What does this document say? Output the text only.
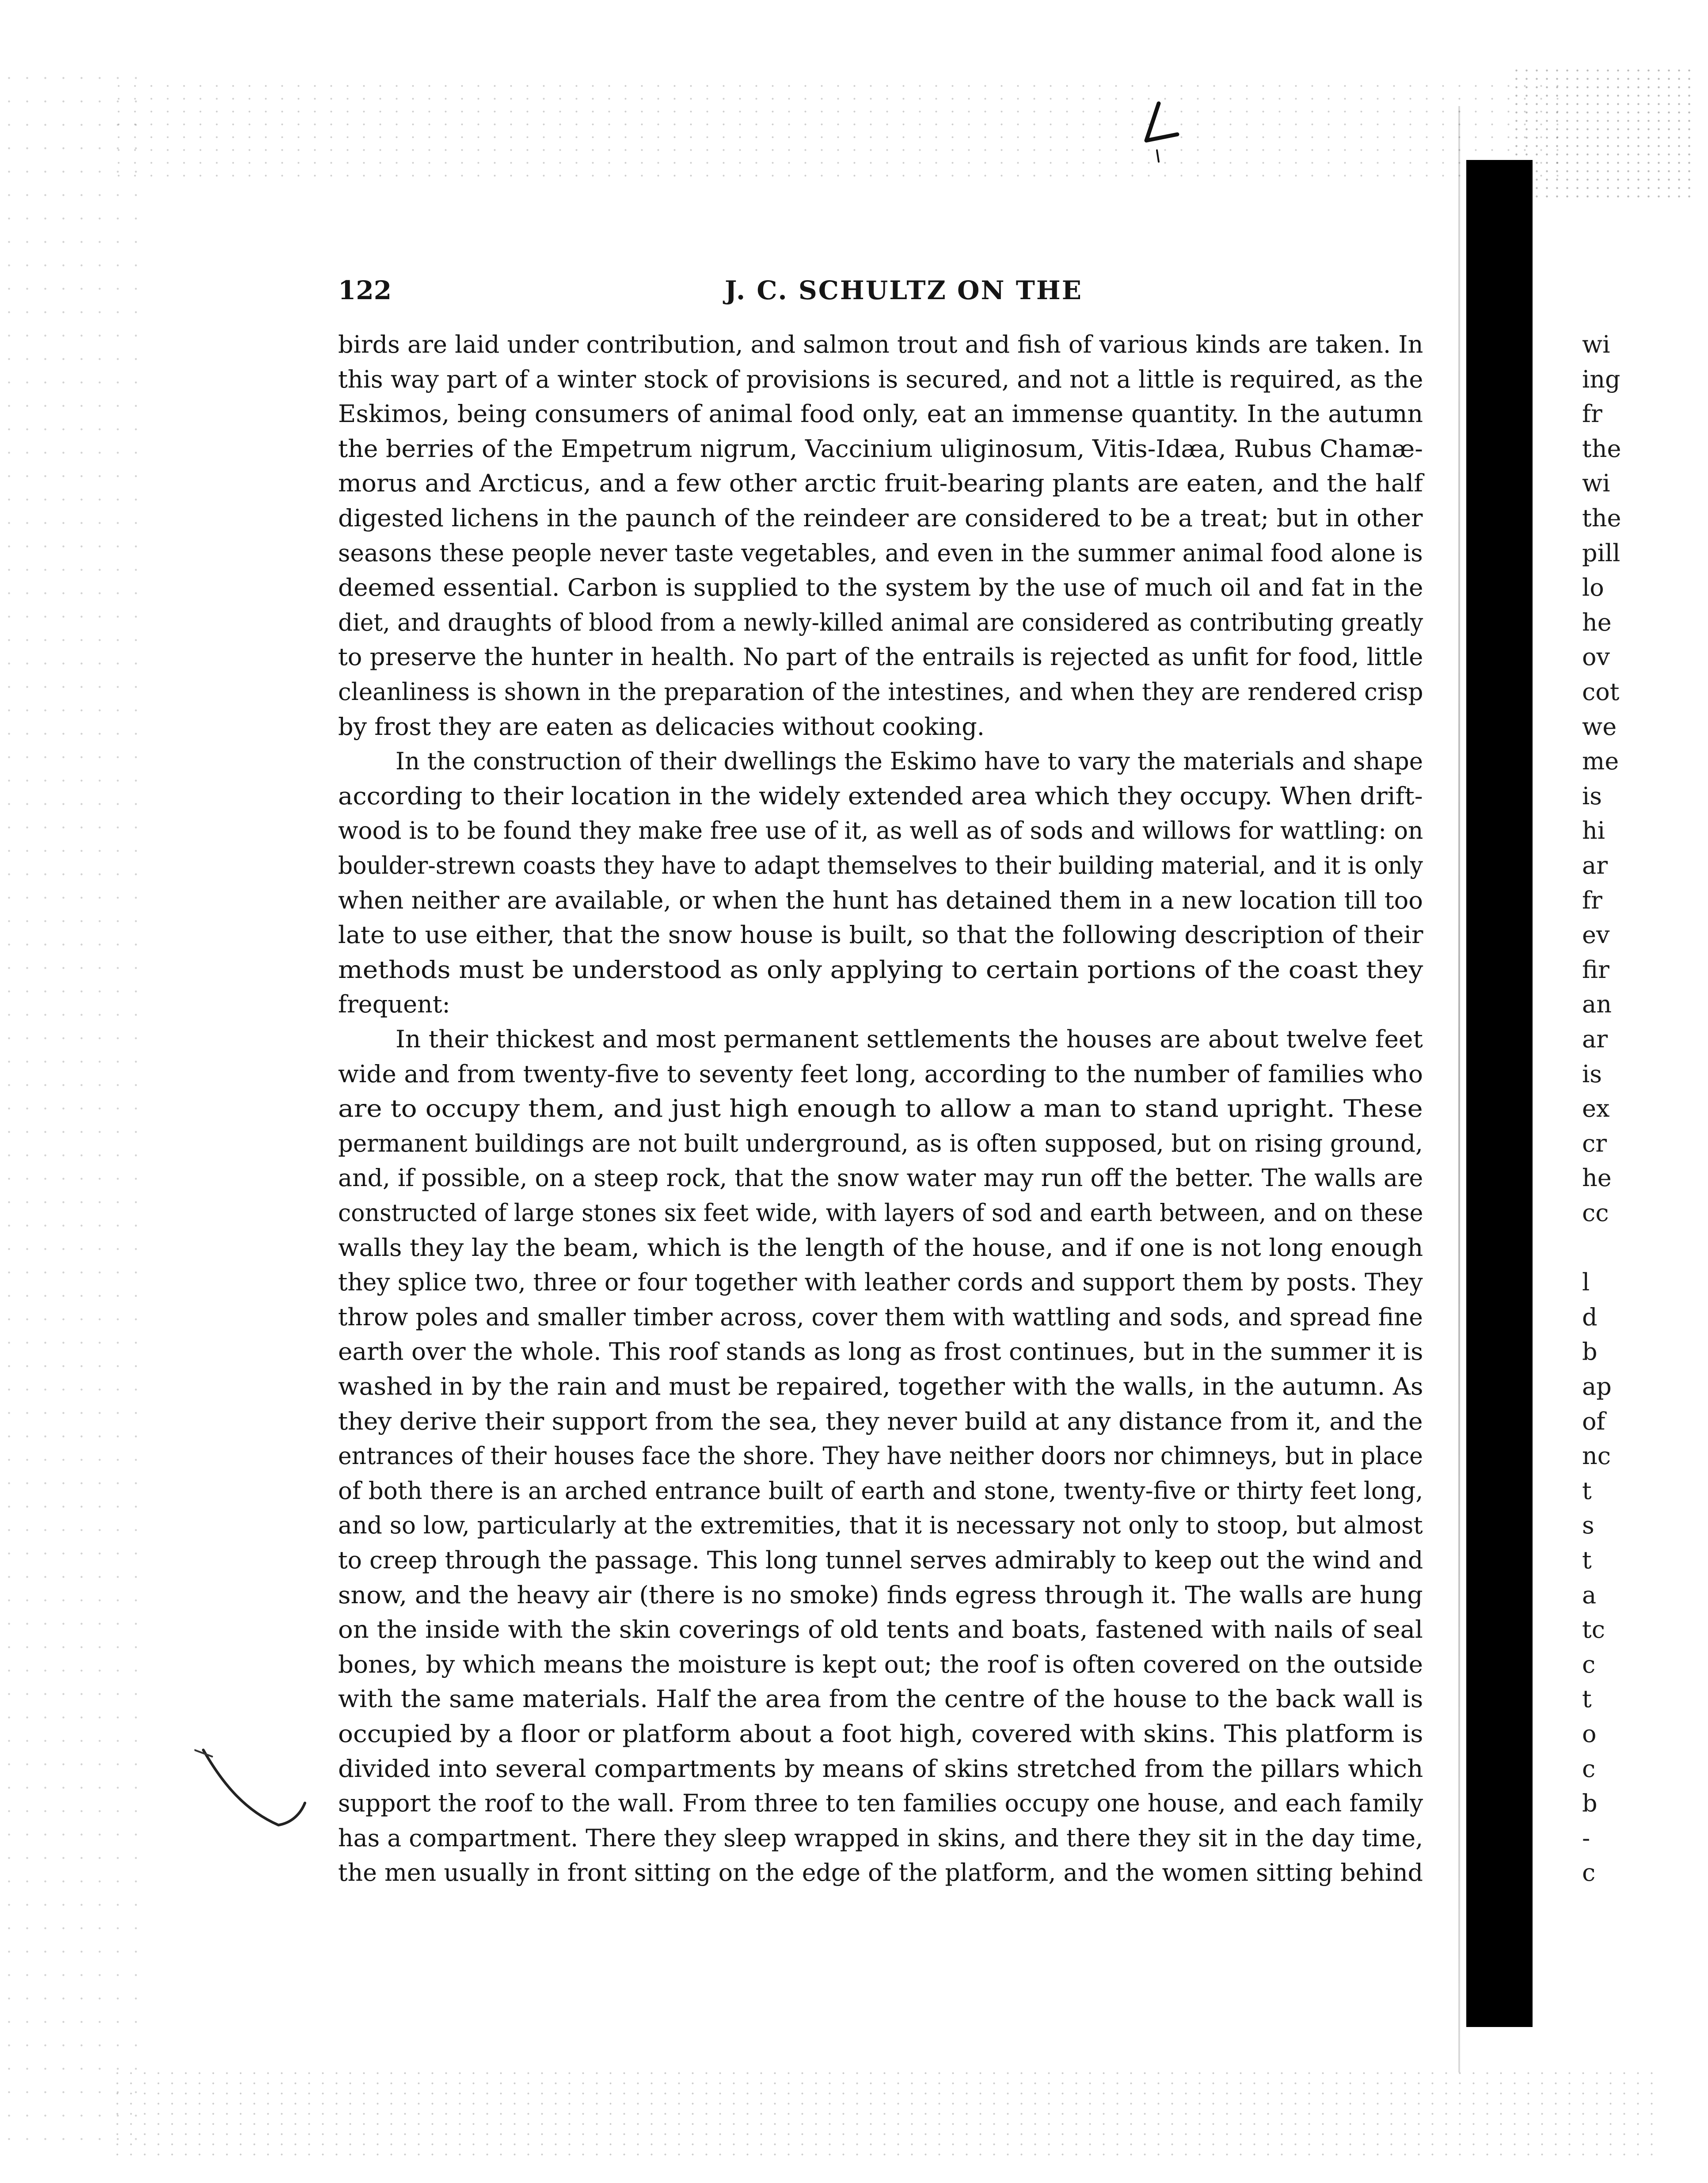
122	J. C. SCHULTZ ON THE
birds are laid under contribution, and salmon trout and fish of various kinds are taken. In
this way part of a winter stock of provisions is secured, and not a little is required, as the
Eskimos, being consumers of animal food only, eat an immense quantity. In the autumn
the berries of the Empetrum nigrum, Vaccinium uliginosum, Vitis-Idæa, Rubus Chamæ-
morus and Arcticus, and a few other arctic fruit-bearing plants are eaten, and the half
digested lichens in the paunch of the reindeer are considered to be a treat; but in other
seasons these people never taste vegetables, and even in the summer animal food alone is
deemed essential. Carbon is supplied to the system by the use of much oil and fat in the
diet, and draughts of blood from a newly-killed animal are considered as contributing greatly
to preserve the hunter in health. No part of the entrails is rejected as unfit for food, little
cleanliness is shown in the preparation of the intestines, and when they are rendered crisp
by frost they are eaten as delicacies without cooking.
In the construction of their dwellings the Eskimo have to vary the materials and shape
according to their location in the widely extended area which they occupy. When drift-
wood is to be found they make free use of it, as well as of sods and willows for wattling: on
boulder-strewn coasts they have to adapt themselves to their building material, and it is only
when neither are available, or when the hunt has detained them in a new location till too
late to use either, that the snow house is built, so that the following description of their
methods must be understood as only applying to certain portions of the coast they
frequent:
In their thickest and most permanent settlements the houses are about twelve feet
wide and from twenty-five to seventy feet long, according to the number of families who
are to occupy them, and just high enough to allow a man to stand upright. These
permanent buildings are not built underground, as is often supposed, but on rising ground,
and, if possible, on a steep rock, that the snow water may run off the better. The walls are
constructed of large stones six feet wide, with layers of sod and earth between, and on these
walls they lay the beam, which is the length of the house, and if one is not long enough
they splice two, three or four together with leather cords and support them by posts. They
throw poles and smaller timber across, cover them with wattling and sods, and spread fine
earth over the whole. This roof stands as long as frost continues, but in the summer it is
washed in by the rain and must be repaired, together with the walls, in the autumn. As
they derive their support from the sea, they never build at any distance from it, and the
entrances of their houses face the shore. They have neither doors nor chimneys, but in place
of both there is an arched entrance built of earth and stone, twenty-five or thirty feet long,
and so low, particularly at the extremities, that it is necessary not only to stoop, but almost
to creep through the passage. This long tunnel serves admirably to keep out the wind and
snow, and the heavy air (there is no smoke) finds egress through it. The walls are hung
on the inside with the skin coverings of old tents and boats, fastened with nails of seal
bones, by which means the moisture is kept out; the roof is often covered on the outside
with the same materials. Half the area from the centre of the house to the back wall is
occupied by a floor or platform about a foot high, covered with skins. This platform is
divided into several compartments by means of skins stretched from the pillars which
support the roof to the wall. From three to ten families occupy one house, and each family
has a compartment. There they sleep wrapped in skins, and there they sit in the day time,
the men usually in front sitting on the edge of the platform, and the women sitting behind
wi
ing
fr
the
wi
the
pill
lo
he
ov
cot
we
me
is
hi
ar
fr
ev
fir
an
ar
is
ex
cr
he
cc
l
d
b
ap
of
nc
t
s
t
a
tc
c
t
o
c
b
-
c
